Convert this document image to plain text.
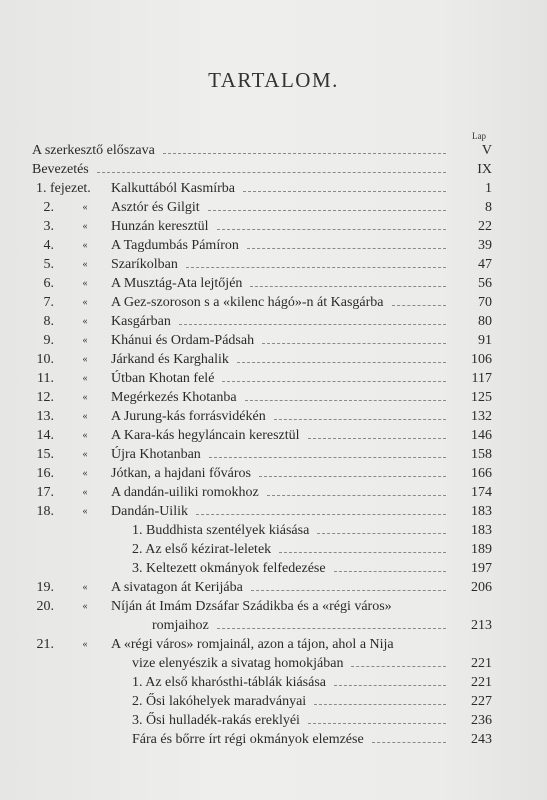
TARTALOM.
Lap
A szerkesztő előszava	V
Bevezetés	IX
1. fejezet.	Kalkuttából Kasmírba	1
2.	«	Asztór és Gilgit	8
3.	«	Hunzán keresztül	22
4.	«	A Tagdumbás Pámíron	39
5.	«	Szaríkolban	47
6.	«	A Musztág-Ata lejtőjén	56
7.	«	A Gez-szoroson s a «kilenc hágó»-n át Kasgárba	70
8.	«	Kasgárban	80
9.	«	Khánui és Ordam-Pádsah	91
10.	«	Járkand és Karghalik	106
11.	«	Útban Khotan felé	117
12.	«	Megérkezés Khotanba	125
13.	«	A Jurung-kás forrásvidékén	132
14.	«	A Kara-kás hegyláncain keresztül	146
15.	«	Újra Khotanban	158
16.	«	Jótkan, a hajdani főváros	166
17.	«	A dandán-uiliki romokhoz	174
18.	«	Dandán-Uilik	183
1. Buddhista szentélyek kiásása	183
2. Az első kézirat-leletek	189
3. Keltezett okmányok felfedezése	197
19.	«	A sivatagon át Kerijába	206
20.	«	Níján át Imám Dzsáfar Szádikba és a «régi város»
romjaihoz	213
21.	«	A «régi város» romjainál, azon a tájon, ahol a Nija
vize elenyészik a sivatag homokjában	221
1. Az első kharósthi-táblák kiásása	221
2. Ősi lakóhelyek maradványai	227
3. Ősi hulladék-rakás ereklyéi	236
Fára és bőrre írt régi okmányok elemzése	243
